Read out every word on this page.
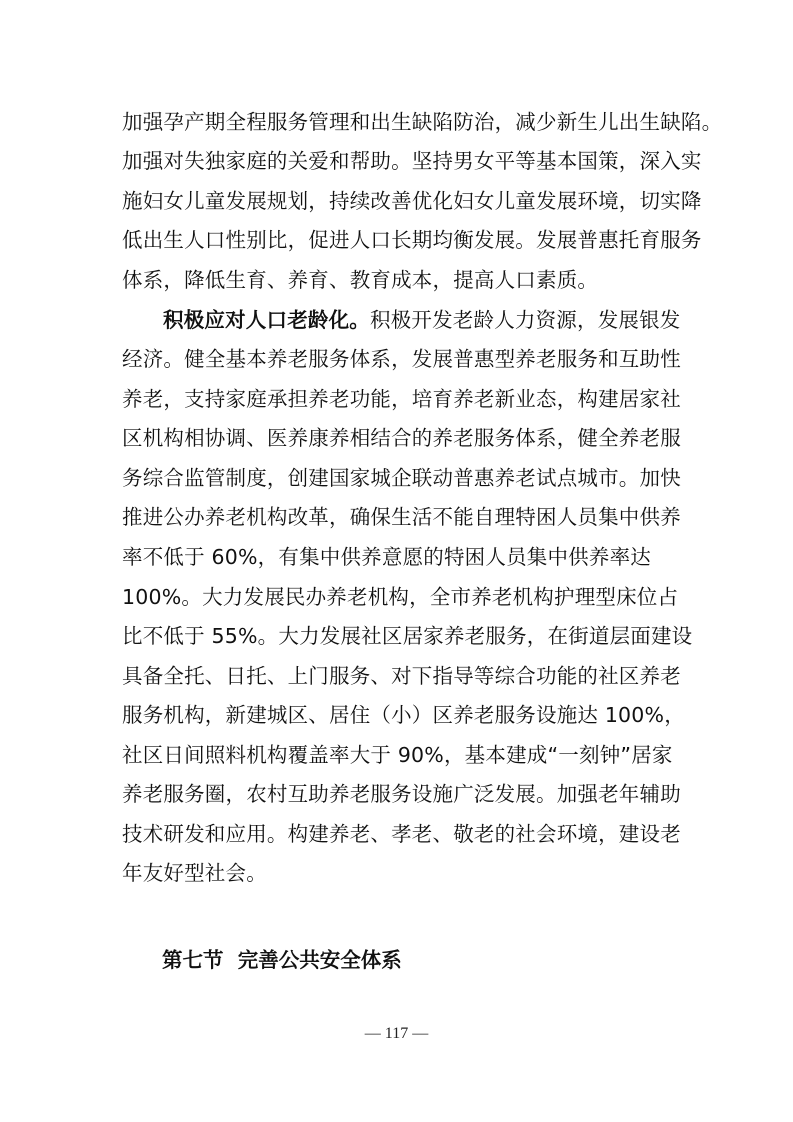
加强孕产期全程服务管理和出生缺陷防治，减少新生儿出生缺陷。
加强对失独家庭的关爱和帮助。坚持男女平等基本国策，深入实
施妇女儿童发展规划，持续改善优化妇女儿童发展环境，切实降
低出生人口性别比，促进人口长期均衡发展。发展普惠托育服务
体系，降低生育、养育、教育成本，提高人口素质。
积极应对人口老龄化。积极开发老龄人力资源，发展银发
经济。健全基本养老服务体系，发展普惠型养老服务和互助性
养老，支持家庭承担养老功能，培育养老新业态，构建居家社
区机构相协调、医养康养相结合的养老服务体系，健全养老服
务综合监管制度，创建国家城企联动普惠养老试点城市。加快
推进公办养老机构改革，确保生活不能自理特困人员集中供养
率不低于 60%，有集中供养意愿的特困人员集中供养率达
100%。大力发展民办养老机构，全市养老机构护理型床位占
比不低于 55%。大力发展社区居家养老服务，在街道层面建设
具备全托、日托、上门服务、对下指导等综合功能的社区养老
服务机构，新建城区、居住（小）区养老服务设施达 100%，
社区日间照料机构覆盖率大于 90%，基本建成“一刻钟”居家
养老服务圈，农村互助养老服务设施广泛发展。加强老年辅助
技术研发和应用。构建养老、孝老、敬老的社会环境，建设老
年友好型社会。
第七节  完善公共安全体系
— 117 —
